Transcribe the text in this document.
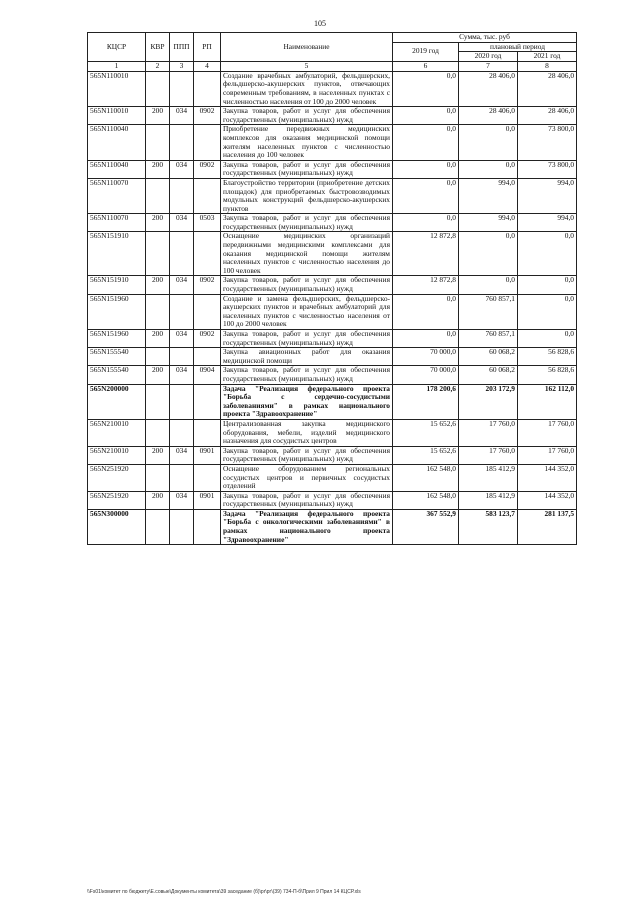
105
КЦСР	КВР	ППП	РП	Наименование	Сумма, тыс. руб		
					2019 год	плановый период	
						2020 год	2021 год
1	2	3	4	5	6	7	8
565N110010				Создание врачебных амбулаторий, фельдшерских, фельдшерско-акушерских пунктов, отвечающих современным требованиям, в населенных пунктах с численностью населения от 100 до 2000 человек	0,0	28 406,0	28 406,0
565N110010	200	034	0902	Закупка товаров, работ и услуг для обеспечения государственных (муниципальных) нужд	0,0	28 406,0	28 406,0
565N110040				Приобретение передвижных медицинских комплексов для оказания медицинской помощи жителям населенных пунктов с численностью населения до 100 человек	0,0	0,0	73 800,0
565N110040	200	034	0902	Закупка товаров, работ и услуг для обеспечения государственных (муниципальных) нужд	0,0	0,0	73 800,0
565N110070				Благоустройство территории (приобретение детских площадок) для приобретаемых быстровозводимых модульных конструкций фельдшерско-акушерских пунктов	0,0	994,0	994,0
565N110070	200	034	0503	Закупка товаров, работ и услуг для обеспечения государственных (муниципальных) нужд	0,0	994,0	994,0
565N151910				Оснащение медицинских организаций передвижными медицинскими комплексами для оказания медицинской помощи жителям населенных пунктов с численностью населения до 100 человек	12 872,8	0,0	0,0
565N151910	200	034	0902	Закупка товаров, работ и услуг для обеспечения государственных (муниципальных) нужд	12 872,8	0,0	0,0
565N151960				Создание и замена фельдшерских, фельдшерско-акушерских пунктов и врачебных амбулаторий для населенных пунктов с численностью населения от 100 до 2000 человек	0,0	760 857,1	0,0
565N151960	200	034	0902	Закупка товаров, работ и услуг для обеспечения государственных (муниципальных) нужд	0,0	760 857,1	0,0
565N155540				Закупка авиационных работ для оказания медицинской помощи	70 000,0	60 068,2	56 828,6
565N155540	200	034	0904	Закупка товаров, работ и услуг для обеспечения государственных (муниципальных) нужд	70 000,0	60 068,2	56 828,6
565N200000				Задача "Реализация федерального проекта "Борьба с сердечно-сосудистыми заболеваниями" в рамках национального проекта "Здравоохранение"	178 200,6	203 172,9	162 112,0
565N210010				Централизованная закупка медицинского оборудования, мебели, изделий медицинского назначения для сосудистых центров	15 652,6	17 760,0	17 760,0
565N210010	200	034	0901	Закупка товаров, работ и услуг для обеспечения государственных (муниципальных) нужд	15 652,6	17 760,0	17 760,0
565N251920				Оснащение оборудованием региональных сосудистых центров и первичных сосудистых отделений	162 548,0	185 412,9	144 352,0
565N251920	200	034	0901	Закупка товаров, работ и услуг для обеспечения государственных (муниципальных) нужд	162 548,0	185 412,9	144 352,0
565N300000				Задача "Реализация федерального проекта "Борьба с онкологическими заболеваниями" в рамках национального проекта "Здравоохранение"	367 552,9	583 123,7	281 137,5
\\Fs01\комитет по бюджету\Е.совые\Документы комитета\39 заседание (б)\pr\рг\(39) 734-П-б\Прил 9 Прил 14 КЦСР.xls
